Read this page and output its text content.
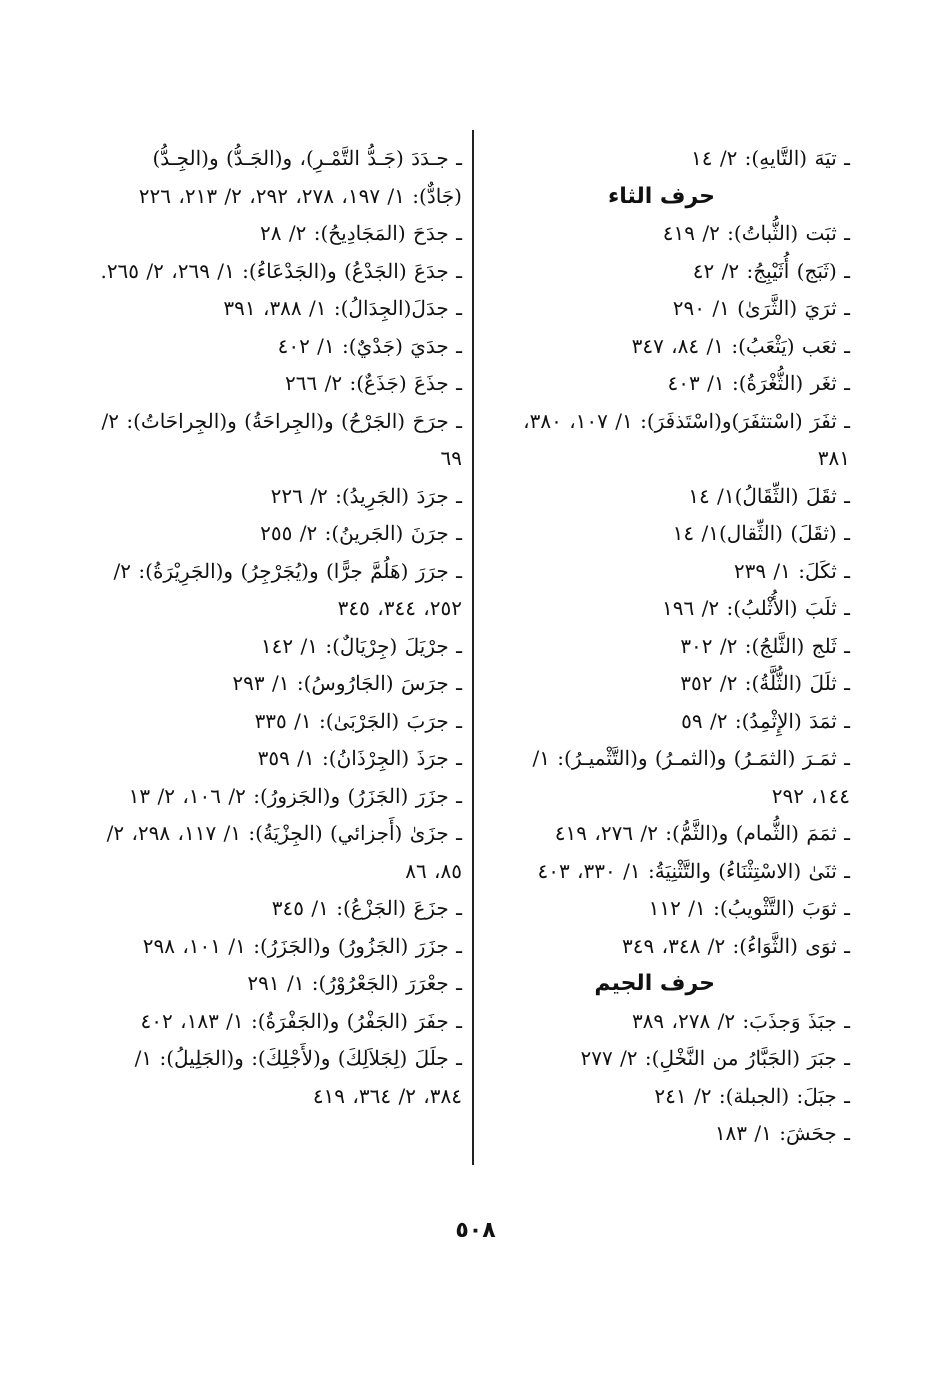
ـ تيَهَ (التَّايهِ): ٢/ ١٤
حرف الثاء
ـ ثبَت (الثُّباتُ): ٢/ ٤١٩
ـ (ثَبَج) أُثَيْبِجُ: ٢/ ٤٢
ـ ثرَيَ (الثَّرَىٰ) ١/ ٢٩٠
ـ ثعَب (يَثْعَبُ): ١/ ٨٤، ٣٤٧
ـ ثغَر (الثُّغْرَةُ): ١/ ٤٠٣
ـ ثفَرَ (اسْتثفَرَ)و(اسْتَذفَرَ): ١/ ١٠٧، ٣٨٠، ٣٨١
ـ ثقَلَ (الثِّقَالُ)١/ ١٤
ـ (ثقَلَ) (الثِّقال)١/ ١٤
ـ ثكَلَ: ١/ ٢٣٩
ـ ثلَبَ (الأُثْلبُ): ٢/ ١٩٦
ـ ثَلج (الثَّلجُ): ٢/ ٣٠٢
ـ ثلَلَ (الثُّلَّةُ): ٢/ ٣٥٢
ـ ثمَدَ (الإِثْمِدُ): ٢/ ٥٩
ـ ثمَـرَ (الثمَـرُ) و(الثمـرُ) و(التَّثْميـرُ): ١/ ١٤٤، ٢٩٢
ـ ثمَمَ (الثُّمام) و(الثَّمُّ): ٢/ ٢٧٦، ٤١٩
ـ ثنَىٰ (الاسْتِثْنَاءُ) والتَّثْنِيَةُ: ١/ ٣٣٠، ٤٠٣
ـ ثوَبَ (التَّثْويبُ): ١/ ١١٢
ـ ثوَى (الثَّوَاءُ): ٢/ ٣٤٨، ٣٤٩
حرف الجيم
ـ جبَذَ وَجذَبَ: ٢/ ٢٧٨، ٣٨٩
ـ جبَرَ (الجَبَّارُ من النَّخْلِ): ٢/ ٢٧٧
ـ جبَلَ: (الجبلة): ٢/ ٢٤١
ـ جحَشَ: ١/ ١٨٣
ـ جـدَدَ (جَـدُّ التَّمْـرِ)، و(الجَـدُّ) و(الجِـدُّ) (جَادٌّ): ١/ ١٩٧، ٢٧٨، ٢٩٢، ٢/ ٢١٣، ٢٢٦
ـ جدَحَ (المَجَادِيحُ): ٢/ ٢٨
ـ جدَعَ (الجَدْعُ) و(الجَدْعَاءُ): ١/ ٢٦٩، ٢/ ٢٦٥.
ـ جدَلَ(الجِدَالُ): ١/ ٣٨٨، ٣٩١
ـ جدَيَ (جَدْيٌ): ١/ ٤٠٢
ـ جذَعَ (جَذَعٌ): ٢/ ٢٦٦
ـ جرَحَ (الجَرْحُ) و(الجِراحَةُ) و(الجِراحَاتُ): ٢/ ٦٩
ـ جرَدَ (الجَرِيدُ): ٢/ ٢٢٦
ـ جرَنَ (الجَرينُ): ٢/ ٢٥٥
ـ جرَرَ (هَلُمَّ جرًّا) و(يُجَرْجِرُ) و(الجَرِيْرَةُ): ٢/ ٢٥٢، ٣٤٤، ٣٤٥
ـ جرْيَلَ (جِرْيَالٌ): ١/ ١٤٢
ـ جرَسَ (الجَارُوسُ): ١/ ٢٩٣
ـ جرَبَ (الجَرْبَىٰ): ١/ ٣٣٥
ـ جرَذَ (الجِرْذَانُ): ١/ ٣٥٩
ـ جزَرَ (الجَزَرُ) و(الجَزورُ): ٢/ ١٠٦، ٢/ ١٣
ـ جزَىٰ (أَجزائي) (الجِزْيَةُ): ١/ ١١٧، ٢٩٨، ٢/ ٨٥، ٨٦
ـ جزَعَ (الجَزْعُ): ١/ ٣٤٥
ـ جزَرَ (الجَزُورُ) و(الجَزَرُ): ١/ ١٠١، ٢٩٨
ـ جعْرَرَ (الجَعْرُوْرُ): ١/ ٢٩١
ـ جفَرَ (الجَفْرُ) و(الجَفْرَةُ): ١/ ١٨٣، ٤٠٢
ـ جلَلَ (لِجَلاَلِكَ) و(لأَجْلِكَ): و(الجَلِيلُ): ١/ ٣٨٤، ٢/ ٣٦٤، ٤١٩
٥٠٨
